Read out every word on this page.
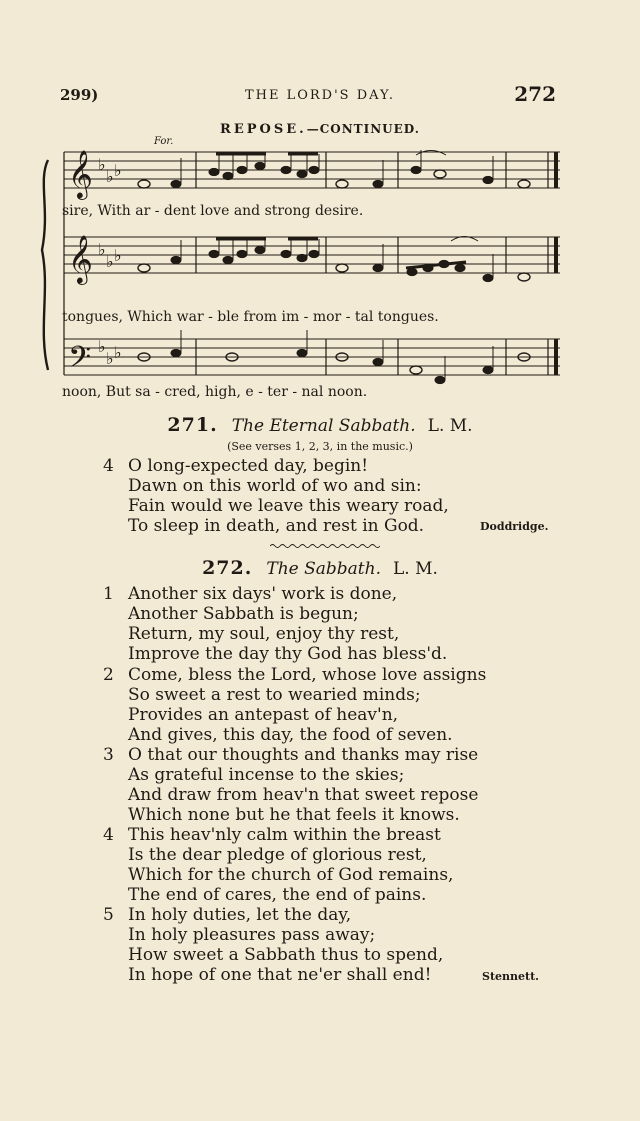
299)	THE LORD'S DAY.	272
REPOSE.—CONTINUED.
For.
𝄞
𝄞
𝄢
♭
♭ ♭
♭
♭ ♭
♭
♭ ♭
sire, With ar - dent love and strong desire.
tongues, Which war - ble from im - mor - tal tongues.
noon, But sa - cred, high, e - ter - nal noon.
271. The Eternal Sabbath. L. M.
(See verses 1, 2, 3, in the music.)
4 O long-expected day, begin!
Dawn on this world of wo and sin:
Fain would we leave this weary road,
To sleep in death, and rest in God.	Doddridge.
272. The Sabbath. L. M.
1 Another six days' work is done,
Another Sabbath is begun;
Return, my soul, enjoy thy rest,
Improve the day thy God has bless'd.
2 Come, bless the Lord, whose love assigns
So sweet a rest to wearied minds;
Provides an antepast of heav'n,
And gives, this day, the food of seven.
3 O that our thoughts and thanks may rise
As grateful incense to the skies;
And draw from heav'n that sweet repose
Which none but he that feels it knows.
4 This heav'nly calm within the breast
Is the dear pledge of glorious rest,
Which for the church of God remains,
The end of cares, the end of pains.
5 In holy duties, let the day,
In holy pleasures pass away;
How sweet a Sabbath thus to spend,
In hope of one that ne'er shall end!	Stennett.
